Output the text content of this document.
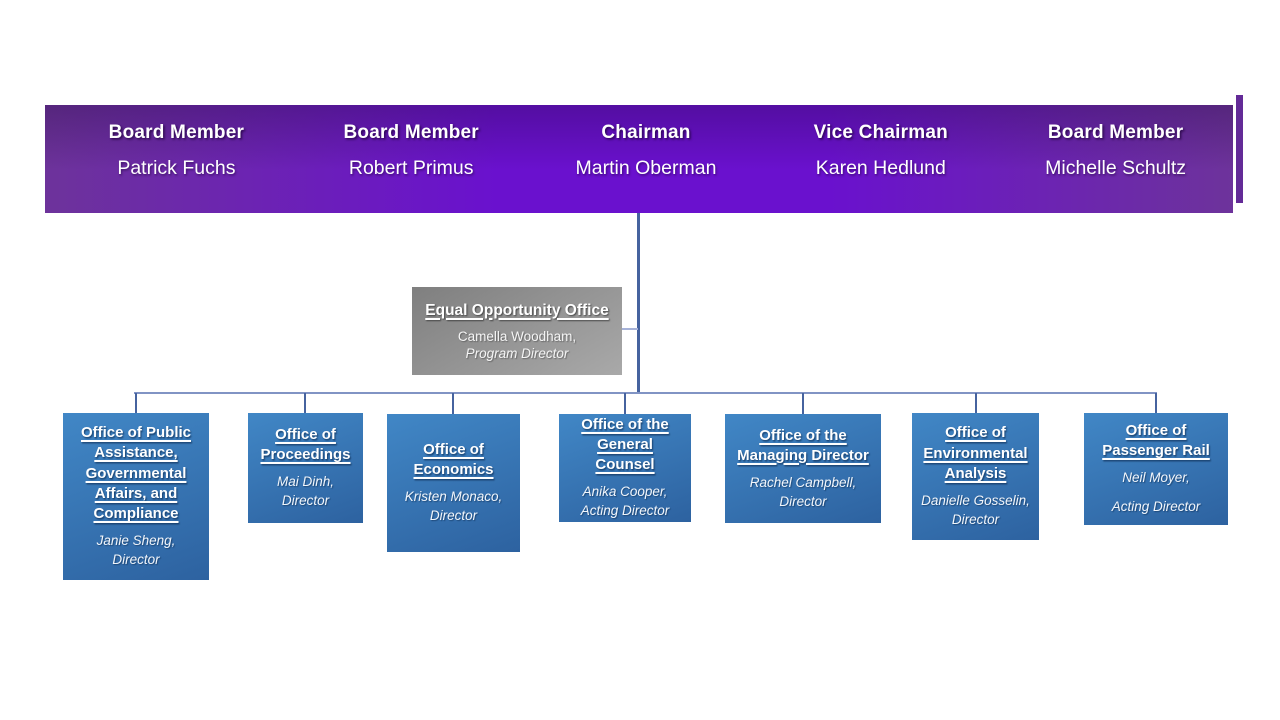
Board Member
Patrick Fuchs
Board Member
Robert Primus
Chairman
Martin Oberman
Vice Chairman
Karen Hedlund
Board Member
Michelle Schultz
Equal Opportunity Office
Camella Woodham,
Program Director
Office of Public Assistance, Governmental Affairs, and Compliance
Janie Sheng,
Director
Office of Proceedings
Mai Dinh,
Director
Office of Economics
Kristen Monaco,
Director
Office of the General Counsel
Anika Cooper,
Acting Director
Office of the Managing Director
Rachel Campbell,
Director
Office of Environmental Analysis
Danielle Gosselin,
Director
Office of Passenger Rail
Neil Moyer,
Acting Director
